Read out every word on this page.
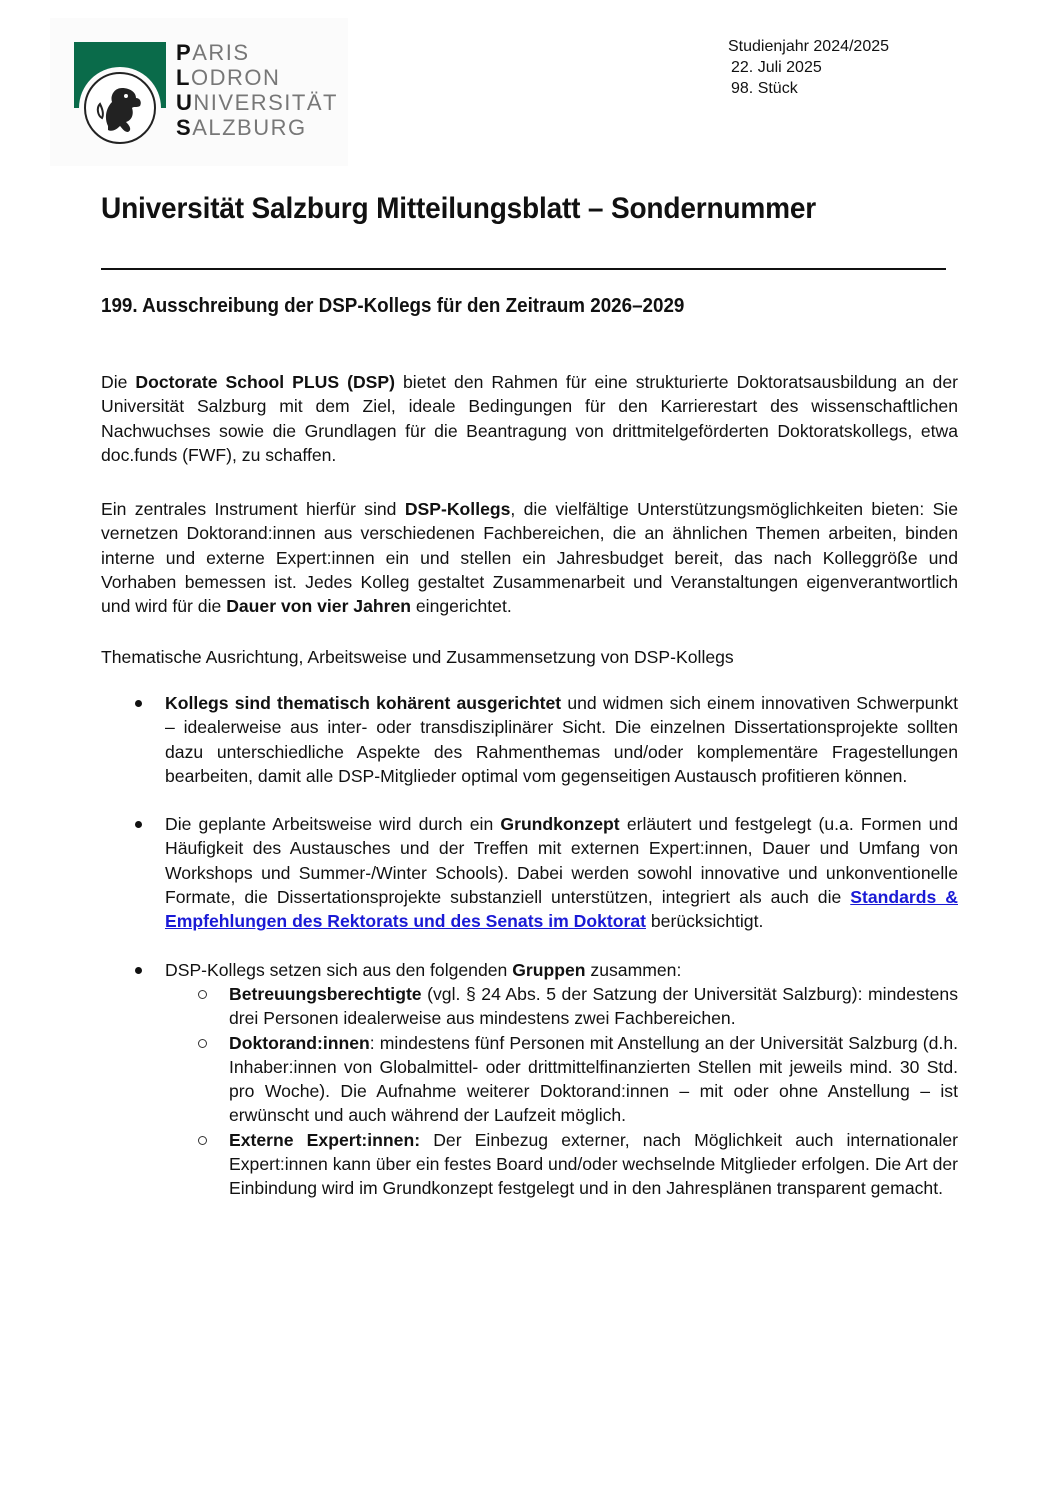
PARIS
LODRON
UNIVERSITÄT
SALZBURG
Studienjahr 2024/2025
22. Juli 2025
98. Stück
Universität Salzburg Mitteilungsblatt – Sondernummer
199. Ausschreibung der DSP-Kollegs für den Zeitraum 2026–2029
Die Doctorate School PLUS (DSP) bietet den Rahmen für eine strukturierte Doktoratsausbildung an der Universität Salzburg mit dem Ziel, ideale Bedingungen für den Karrierestart des wissenschaftlichen Nachwuchses sowie die Grundlagen für die Beantragung von drittmitelgeförderten Doktoratskollegs, etwa doc.funds (FWF), zu schaffen.
Ein zentrales Instrument hierfür sind DSP-Kollegs, die vielfältige Unterstützungsmöglichkeiten bieten: Sie vernetzen Doktorand:innen aus verschiedenen Fachbereichen, die an ähnlichen Themen arbeiten, binden interne und externe Expert:innen ein und stellen ein Jahresbudget bereit, das nach Kolleggröße und Vorhaben bemessen ist. Jedes Kolleg gestaltet Zusammenarbeit und Veranstaltungen eigenverantwortlich und wird für die Dauer von vier Jahren eingerichtet.
Thematische Ausrichtung, Arbeitsweise und Zusammensetzung von DSP-Kollegs
Kollegs sind thematisch kohärent ausgerichtet und widmen sich einem innovativen Schwerpunkt – idealerweise aus inter- oder transdisziplinärer Sicht. Die einzelnen Dissertationsprojekte sollten dazu unterschiedliche Aspekte des Rahmenthemas und/oder komplementäre Fragestellungen bearbeiten, damit alle DSP-Mitglieder optimal vom gegenseitigen Austausch profitieren können.
Die geplante Arbeitsweise wird durch ein Grundkonzept erläutert und festgelegt (u.a. Formen und Häufigkeit des Austausches und der Treffen mit externen Expert:innen, Dauer und Umfang von Workshops und Summer-/Winter Schools). Dabei werden sowohl innovative und unkonventionelle Formate, die Dissertationsprojekte substanziell unterstützen, integriert als auch die Standards & Empfehlungen des Rektorats und des Senats im Doktorat berücksichtigt.
DSP-Kollegs setzen sich aus den folgenden Gruppen zusammen:
Betreuungsberechtigte (vgl. § 24 Abs. 5 der Satzung der Universität Salzburg): mindestens drei Personen idealerweise aus mindestens zwei Fachbereichen.
Doktorand:innen: mindestens fünf Personen mit Anstellung an der Universität Salzburg (d.h. Inhaber:innen von Globalmittel- oder drittmittelfinanzierten Stellen mit jeweils mind. 30 Std. pro Woche). Die Aufnahme weiterer Doktorand:innen – mit oder ohne Anstellung – ist erwünscht und auch während der Laufzeit möglich.
Externe Expert:innen: Der Einbezug externer, nach Möglichkeit auch internationaler Expert:innen kann über ein festes Board und/oder wechselnde Mitglieder erfolgen. Die Art der Einbindung wird im Grundkonzept festgelegt und in den Jahresplänen transparent gemacht.
